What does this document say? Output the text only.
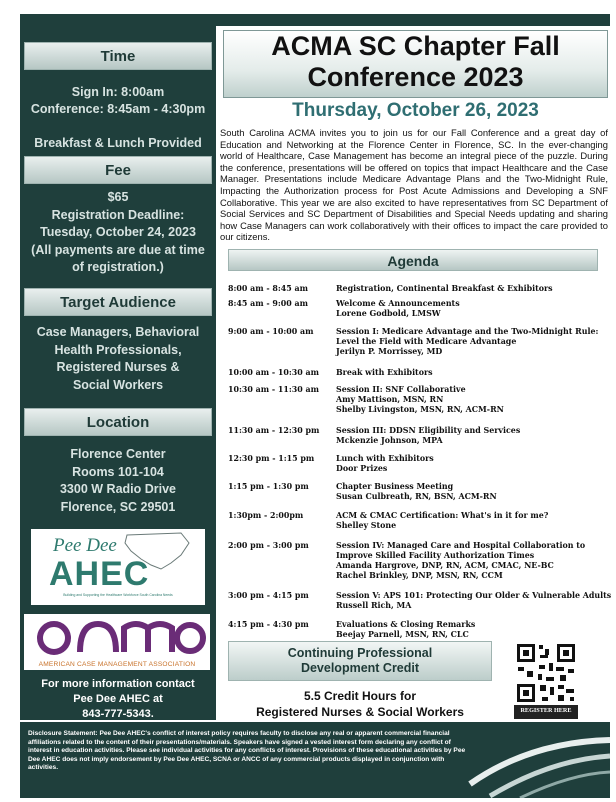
Time
Sign In: 8:00am
Conference: 8:45am - 4:30pm
Breakfast & Lunch Provided
Fee
$65
Registration Deadline:
Tuesday, October 24, 2023
(All payments are due at time
of registration.)
Target Audience
Case Managers, Behavioral
Health Professionals,
Registered Nurses &
Social Workers
Location
Florence Center
Rooms 101-104
3300 W Radio Drive
Florence, SC 29501
Pee Dee
AHEC
Building and Supporting the Healthcare Workforce South Carolina Needs
AMERICAN CASE MANAGEMENT ASSOCIATION
For more information contact
Pee Dee AHEC at
843-777-5343.
ACMA SC Chapter Fall
Conference 2023
Thursday, October 26, 2023
South Carolina ACMA invites you to join us for our Fall Conference and a great day of Education and Networking at the Florence Center in Florence, SC. In the ever-changing world of Healthcare, Case Management has become an integral piece of the puzzle. During the conference, presentations will be offered on topics that impact Healthcare and the Case Manager. Presentations include Medicare Advantage Plans and the Two-Midnight Rule, Impacting the Authorization process for Post Acute Admissions and Developing a SNF Collaborative. This year we are also excited to have representatives from SC Department of Social Services and SC Department of Disabilities and Special Needs updating and sharing how Case Managers can work collaboratively with their offices to impact the care provided to our citizens.
Agenda
8:00 am - 8:45 am	Registration, Continental Breakfast & Exhibitors
8:45 am - 9:00 am	Welcome & Announcements
Lorene Godbold, LMSW
9:00 am - 10:00 am	Session I: Medicare Advantage and the Two-Midnight Rule:
Level the Field with Medicare Advantage
Jerilyn P. Morrissey, MD
10:00 am - 10:30 am	Break with Exhibitors
10:30 am - 11:30 am	Session II: SNF Collaborative
Amy Mattison, MSN, RN
Shelby Livingston, MSN, RN, ACM-RN
11:30 am - 12:30 pm	Session III: DDSN Eligibility and Services
Mckenzie Johnson, MPA
12:30 pm - 1:15 pm	Lunch with Exhibitors
Door Prizes
1:15 pm - 1:30 pm	Chapter Business Meeting
Susan Culbreath, RN, BSN, ACM-RN
1:30pm - 2:00pm	ACM & CMAC Certification: What's in it for me?
Shelley Stone
2:00 pm - 3:00 pm	Session IV: Managed Care and Hospital Collaboration to
Improve Skilled Facility Authorization Times
Amanda Hargrove, DNP, RN, ACM, CMAC, NE-BC
Rachel Brinkley, DNP, MSN, RN, CCM
3:00 pm - 4:15 pm	Session V: APS 101: Protecting Our Older & Vulnerable Adults
Russell Rich, MA
4:15 pm - 4:30 pm	Evaluations & Closing Remarks
Beejay Parnell, MSN, RN, CLC
Continuing Professional
Development Credit
5.5 Credit Hours for
Registered Nurses & Social Workers	REGISTER HERE
Disclosure Statement: Pee Dee AHEC's conflict of interest policy requires faculty to disclose any real or apparent commercial financial affiliations related to the content of their presentations/materials. Speakers have signed a vested interest form declaring any conflict of interest in education activities. Please see individual activities for any conflicts of interest. Provisions of these educational activities by Pee Dee AHEC does not imply endorsement by Pee Dee AHEC, SCNA or ANCC of any commercial products displayed in conjunction with activities.
